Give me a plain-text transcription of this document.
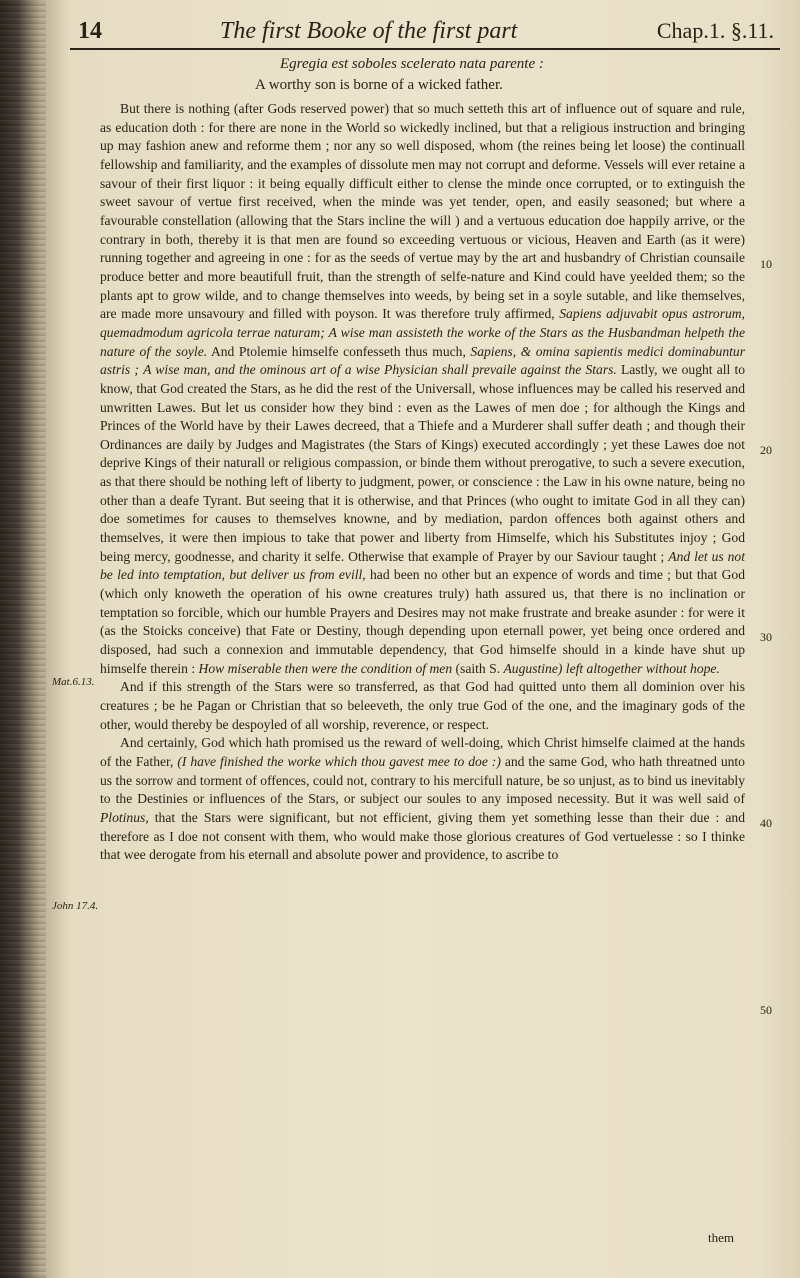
14	The first Booke of the first part	Chap.1. §.11.
Egregia est soboles scelerato nata parente :
A worthy son is borne of a wicked father.

But there is nothing (after Gods reserved power) that so much setteth this art of influence out of square and rule, as education doth : for there are none in the World so wickedly inclined, but that a religious instruction and bringing up may fashion anew and reforme them ; nor any so well disposed, whom (the reines being let loose) the continuall fellowship and familiarity, and the examples of dissolute men may not corrupt and deforme. Vessels will ever retaine a savour of their first liquor : it being equally difficult either to clense the minde once corrupted, or to extinguish the sweet savour of vertue first received, when the minde was yet tender, open, and easily seasoned; but where a favourable constellation (allowing that the Stars incline the will ) and a vertuous education doe happily arrive, or the contrary in both, thereby it is that men are found so exceeding vertuous or vicious, Heaven and Earth (as it were) running together and agreeing in one : for as the seeds of vertue may by the art and husbandry of Christian counsaile produce better and more beautifull fruit, than the strength of selfe-nature and Kind could have yeelded them; so the plants apt to grow wilde, and to change themselves into weeds, by being set in a soyle sutable, and like themselves, are made more unsavoury and filled with poyson. It was therefore truly affirmed, Sapiens adjuvabit opus astrorum, quemadmodum agricola terrae naturam; A wise man assisteth the worke of the Stars as the Husbandman helpeth the nature of the soyle. And Ptolemie himselfe confesseth thus much, Sapiens, & omina sapientis medici dominabuntur astris ; A wise man, and the ominous art of a wise Physician shall prevaile against the Stars. Lastly, we ought all to know, that God created the Stars, as he did the rest of the Universall, whose influences may be called his reserved and unwritten Lawes. But let us consider how they bind : even as the Lawes of men doe ; for although the Kings and Princes of the World have by their Lawes decreed, that a Thiefe and a Murderer shall suffer death ; and though their Ordinances are daily by Judges and Magistrates (the Stars of Kings) executed accordingly ; yet these Lawes doe not deprive Kings of their naturall or religious compassion, or binde them without prerogative, to such a severe execution, as that there should be nothing left of liberty to judgment, power, or conscience : the Law in his owne nature, being no other than a deafe Tyrant. But seeing that it is otherwise, and that Princes (who ought to imitate God in all they can) doe sometimes for causes to themselves knowne, and by mediation, pardon offences both against others and themselves, it were then impious to take that power and liberty from Himselfe, which his Substitutes injoy ; God being mercy, goodnesse, and charity it selfe. Otherwise that example of Prayer by our Saviour taught ; And let us not be led into temptation, but deliver us from evill, had been no other but an expence of words and time ; but that God (which only knoweth the operation of his owne creatures truly) hath assured us, that there is no inclination or temptation so forcible, which our humble Prayers and Desires may not make frustrate and breake asunder : for were it (as the Stoicks conceive) that Fate or Destiny, though depending upon eternall power, yet being once ordered and disposed, had such a connexion and immutable dependency, that God himselfe should in a kinde have shut up himselfe therein : How miserable then were the condition of men (saith S. Augustine) left altogether without hope.

And if this strength of the Stars were so transferred, as that God had quitted unto them all dominion over his creatures ; be he Pagan or Christian that so beleeveth, the only true God of the one, and the imaginary gods of the other, would thereby be despoyled of all worship, reverence, or respect.

And certainly, God which hath promised us the reward of well-doing, which Christ himselfe claimed at the hands of the Father, (I have finished the worke which thou gavest mee to doe :) and the same God, who hath threatned unto us the sorrow and torment of offences, could not, contrary to his mercifull nature, be so unjust, as to bind us inevitably to the Destinies or influences of the Stars, or subject our soules to any imposed necessity. But it was well said of Plotinus, that the Stars were significant, but not efficient, giving them yet something lesse than their due : and therefore as I doe not consent with them, who would make those glorious creatures of God vertuelesse : so I thinke that wee derogate from his eternall and absolute power and providence, to ascribe to

Mat.6.13.
John 17.4.
10
20
30
40
50
them
